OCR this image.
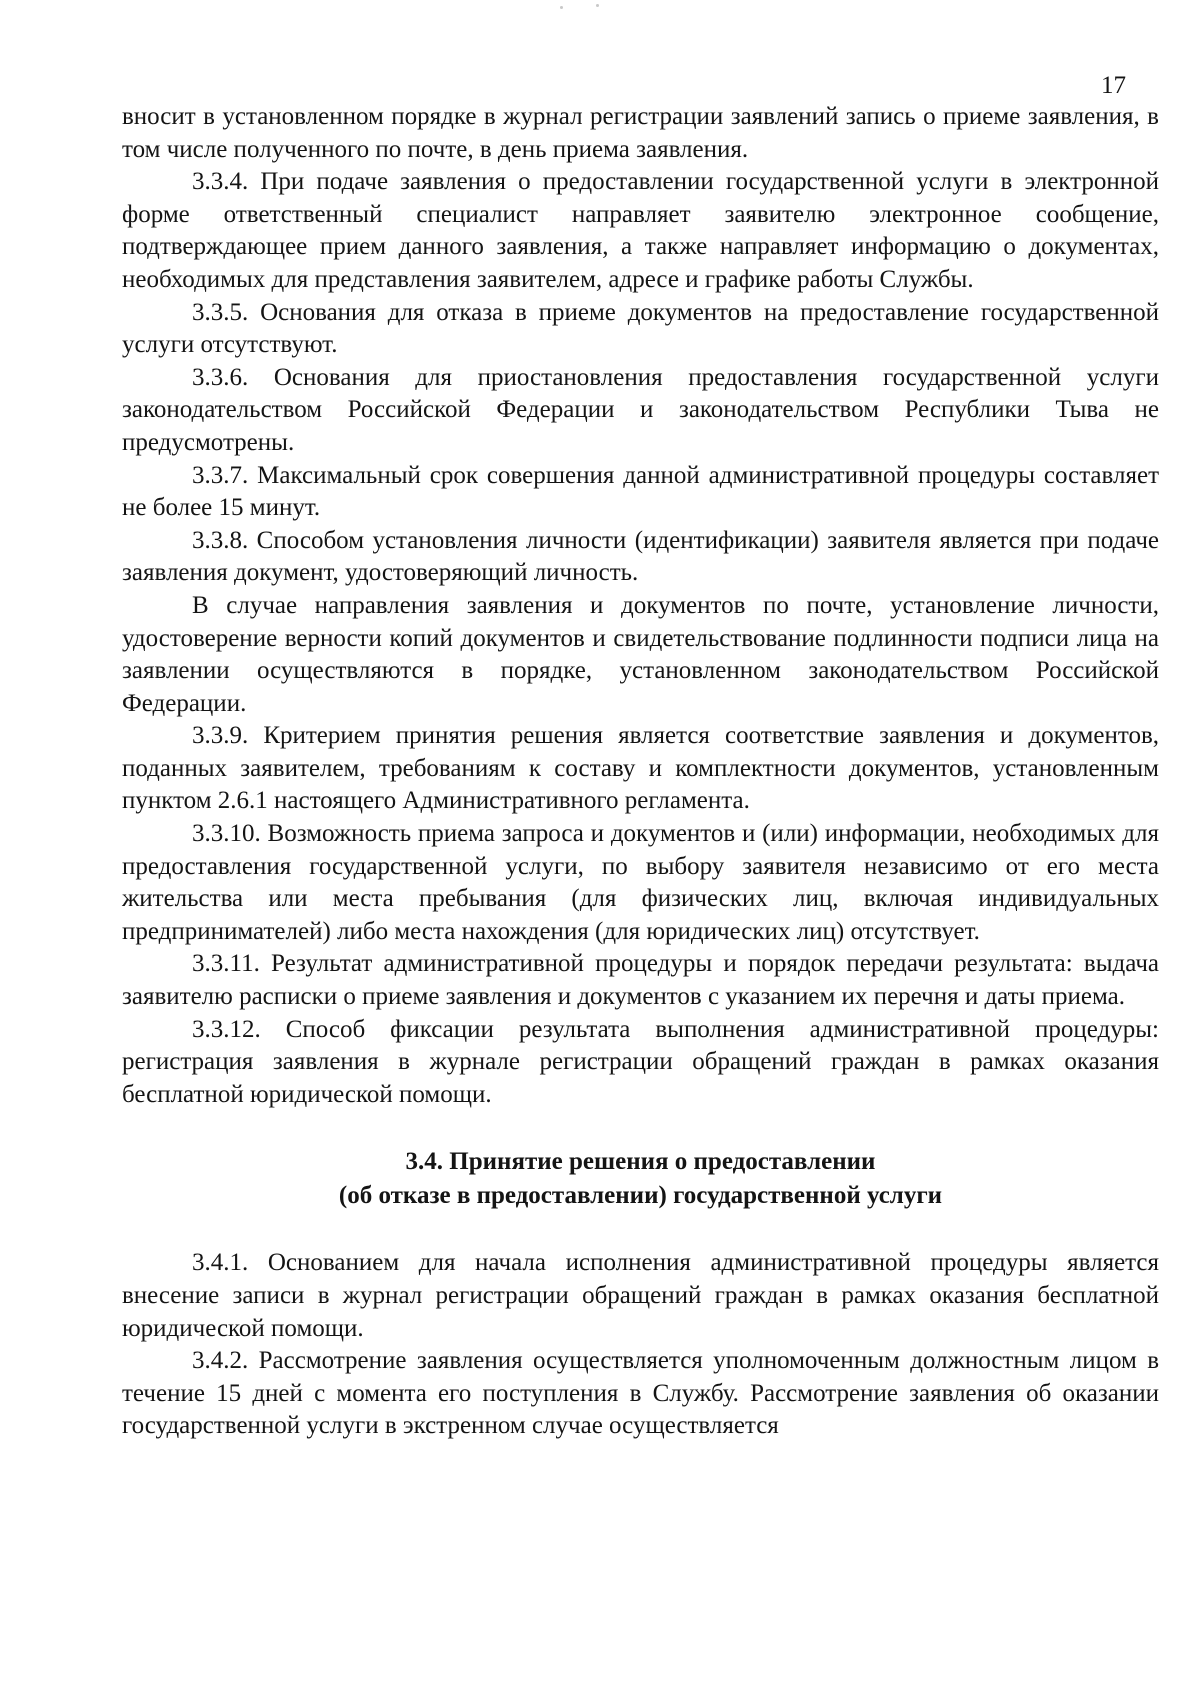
17

вносит в установленном порядке в журнал регистрации заявлений запись о приеме заявления, в том числе полученного по почте, в день приема заявления.

3.3.4. При подаче заявления о предоставлении государственной услуги в электронной форме ответственный специалист направляет заявителю электронное сообщение, подтверждающее прием данного заявления, а также направляет информацию о документах, необходимых для представления заявителем, адресе и графике работы Службы.

3.3.5. Основания для отказа в приеме документов на предоставление государственной услуги отсутствуют.

3.3.6. Основания для приостановления предоставления государственной услуги законодательством Российской Федерации и законодательством Республики Тыва не предусмотрены.

3.3.7. Максимальный срок совершения данной административной процедуры составляет не более 15 минут.

3.3.8. Способом установления личности (идентификации) заявителя является при подаче заявления документ, удостоверяющий личность.

В случае направления заявления и документов по почте, установление личности, удостоверение верности копий документов и свидетельствование подлинности подписи лица на заявлении осуществляются в порядке, установленном законодательством Российской Федерации.

3.3.9. Критерием принятия решения является соответствие заявления и документов, поданных заявителем, требованиям к составу и комплектности документов, установленным пунктом 2.6.1 настоящего Административного регламента.

3.3.10. Возможность приема запроса и документов и (или) информации, необходимых для предоставления государственной услуги, по выбору заявителя независимо от его места жительства или места пребывания (для физических лиц, включая индивидуальных предпринимателей) либо места нахождения (для юридических лиц) отсутствует.

3.3.11. Результат административной процедуры и порядок передачи результата: выдача заявителю расписки о приеме заявления и документов с указанием их перечня и даты приема.

3.3.12. Способ фиксации результата выполнения административной процедуры: регистрация заявления в журнале регистрации обращений граждан в рамках оказания бесплатной юридической помощи.

3.4. Принятие решения о предоставлении
(об отказе в предоставлении) государственной услуги

3.4.1. Основанием для начала исполнения административной процедуры является внесение записи в журнал регистрации обращений граждан в рамках оказания бесплатной юридической помощи.

3.4.2. Рассмотрение заявления осуществляется уполномоченным должностным лицом в течение 15 дней с момента его поступления в Службу. Рассмотрение заявления об оказании государственной услуги в экстренном случае осуществляется
